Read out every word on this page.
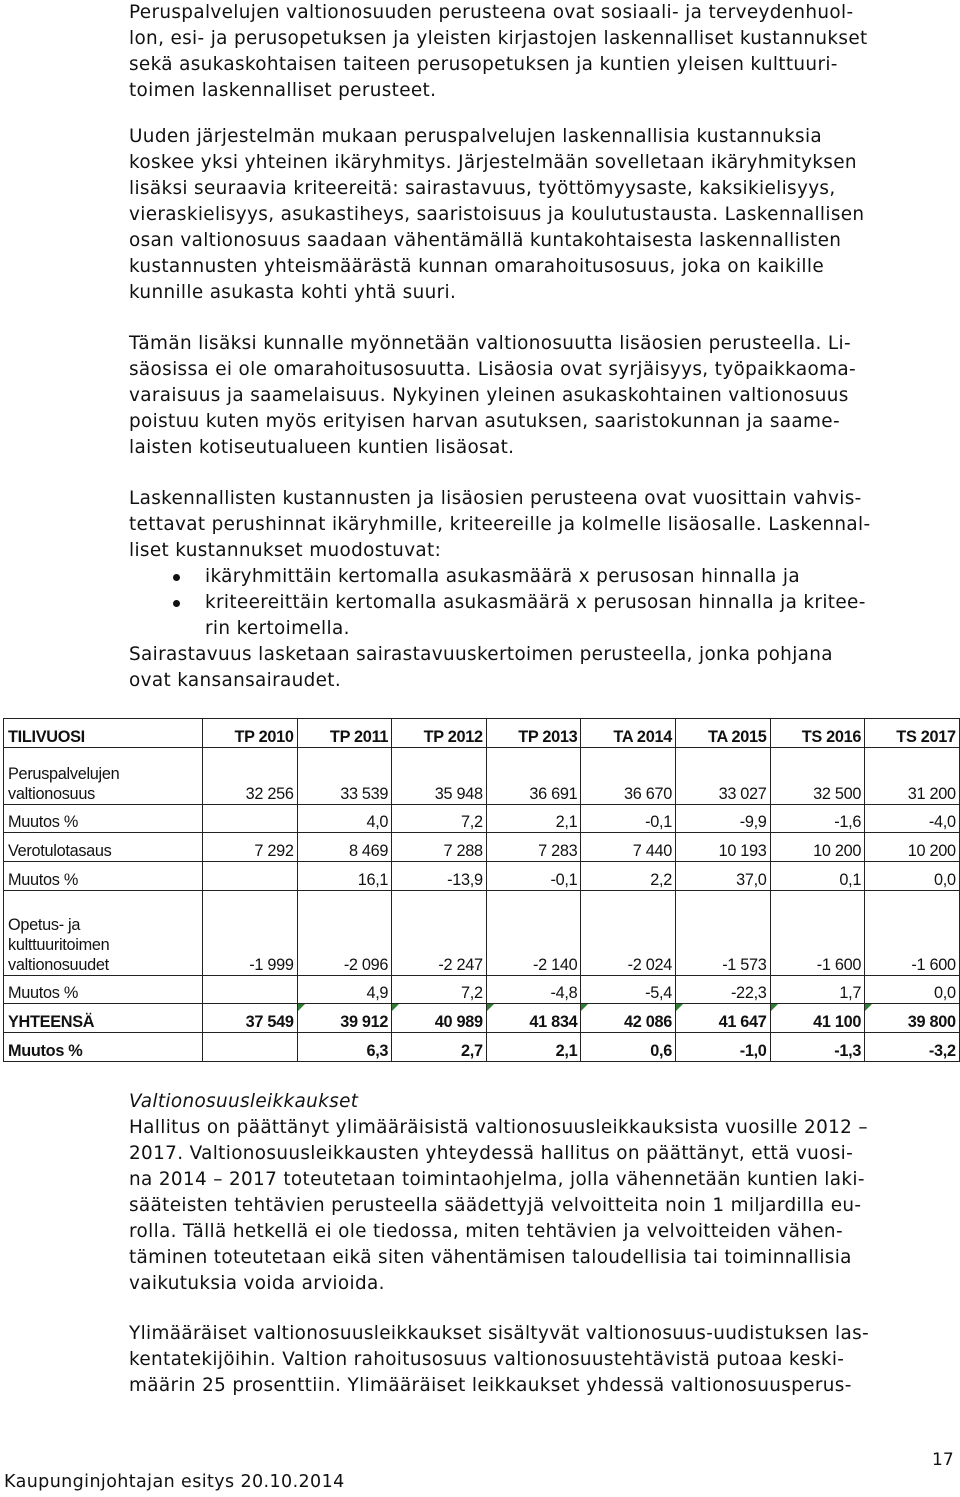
Peruspalvelujen valtionosuuden perusteena ovat sosiaali- ja terveydenhuol-
lon, esi- ja perusopetuksen ja yleisten kirjastojen laskennalliset kustannukset
sekä asukaskohtaisen taiteen perusopetuksen ja kuntien yleisen kulttuuri-
toimen laskennalliset perusteet.

Uuden järjestelmän mukaan peruspalvelujen laskennallisia kustannuksia
koskee yksi yhteinen ikäryhmitys. Järjestelmään sovelletaan ikäryhmityksen
lisäksi seuraavia kriteereitä: sairastavuus, työttömyysaste, kaksikielisyys,
vieraskielisyys, asukastiheys, saaristoisuus ja koulutustausta. Laskennallisen
osan valtionosuus saadaan vähentämällä kuntakohtaisesta laskennallisten
kustannusten yhteismäärästä kunnan omarahoitusosuus, joka on kaikille
kunnille asukasta kohti yhtä suuri.

Tämän lisäksi kunnalle myönnetään valtionosuutta lisäosien perusteella. Li-
säosissa ei ole omarahoitusosuutta. Lisäosia ovat syrjäisyys, työpaikkaoma-
varaisuus ja saamelaisuus. Nykyinen yleinen asukaskohtainen valtionosuus
poistuu kuten myös erityisen harvan asutuksen, saaristokunnan ja saame-
laisten kotiseutualueen kuntien lisäosat.

Laskennallisten kustannusten ja lisäosien perusteena ovat vuosittain vahvis-
tettavat perushinnat ikäryhmille, kriteereille ja kolmelle lisäosalle. Laskennal-
liset kustannukset muodostuvat:

ikäryhmittäin kertomalla asukasmäärä x perusosan hinnalla ja
kriteereittäin kertomalla asukasmäärä x perusosan hinnalla ja kritee-
rin kertoimella.

Sairastavuus lasketaan sairastavuuskertoimen perusteella, jonka pohjana
ovat kansansairaudet.

TILIVUOSI	TP 2010	TP 2011	TP 2012	TP 2013	TA 2014	TA 2015	TS 2016	TS 2017
Peruspalvelujen
valtionosuus	32 256	33 539	35 948	36 691	36 670	33 027	32 500	31 200
Muutos %		4,0	7,2	2,1	-0,1	-9,9	-1,6	-4,0
Verotulotasaus	7 292	8 469	7 288	7 283	7 440	10 193	10 200	10 200
Muutos %		16,1	-13,9	-0,1	2,2	37,0	0,1	0,0
Opetus- ja
kulttuuritoimen
valtionosuudet	-1 999	-2 096	-2 247	-2 140	-2 024	-1 573	-1 600	-1 600
Muutos %		4,9	7,2	-4,8	-5,4	-22,3	1,7	0,0
YHTEENSÄ	37 549	39 912	40 989	41 834	42 086	41 647	41 100	39 800
Muutos %		6,3	2,7	2,1	0,6	-1,0	-1,3	-3,2

Valtionosuusleikkaukset

Hallitus on päättänyt ylimääräisistä valtionosuusleikkauksista vuosille 2012 –
2017. Valtionosuusleikkausten yhteydessä hallitus on päättänyt, että vuosi-
na 2014 – 2017 toteutetaan toimintaohjelma, jolla vähennetään kuntien laki-
sääteisten tehtävien perusteella säädettyjä velvoitteita noin 1 miljardilla eu-
rolla. Tällä hetkellä ei ole tiedossa, miten tehtävien ja velvoitteiden vähen-
täminen toteutetaan eikä siten vähentämisen taloudellisia tai toiminnallisia
vaikutuksia voida arvioida.

Ylimääräiset valtionosuusleikkaukset sisältyvät valtionosuus-uudistuksen las-
kentatekijöihin. Valtion rahoitusosuus valtionosuustehtävistä putoaa keski-
määrin 25 prosenttiin. Ylimääräiset leikkaukset yhdessä valtionosuusperus-

17
Kaupunginjohtajan esitys 20.10.2014
